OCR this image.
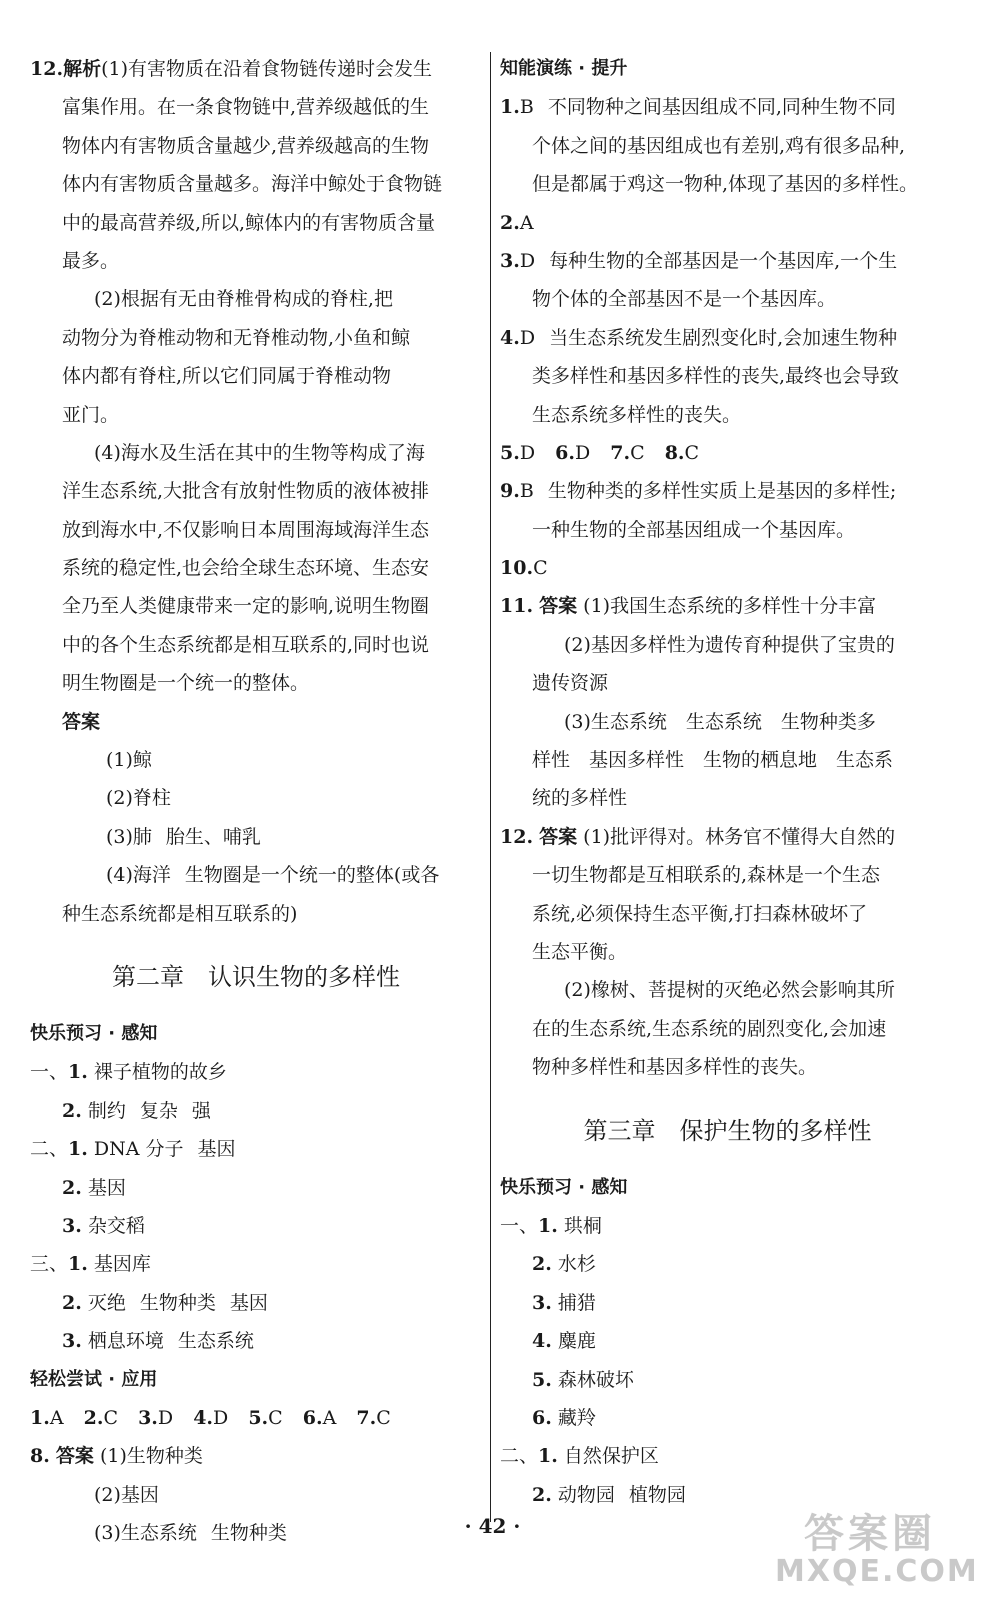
12.解析(1)有害物质在沿着食物链传递时会发生
富集作用。在一条食物链中,营养级越低的生
物体内有害物质含量越少,营养级越高的生物
体内有害物质含量越多。海洋中鲸处于食物链
中的最高营养级,所以,鲸体内的有害物质含量
最多。
(2)根据有无由脊椎骨构成的脊柱,把
动物分为脊椎动物和无脊椎动物,小鱼和鲸
体内都有脊柱,所以它们同属于脊椎动物
亚门。
(4)海水及生活在其中的生物等构成了海
洋生态系统,大批含有放射性物质的液体被排
放到海水中,不仅影响日本周围海域海洋生态
系统的稳定性,也会给全球生态环境、生态安
全乃至人类健康带来一定的影响,说明生物圈
中的各个生态系统都是相互联系的,同时也说
明生物圈是一个统一的整体。
答案
(1)鲸
(2)脊柱
(3)肺 胎生、哺乳
(4)海洋 生物圈是一个统一的整体(或各
种生态系统都是相互联系的)
第二章　认识生物的多样性
快乐预习 · 感知
一、1. 裸子植物的故乡
2. 制约 复杂 强
二、1. DNA 分子 基因
2. 基因
3. 杂交稻
三、1. 基因库
2. 灭绝 生物种类 基因
3. 栖息环境 生态系统
轻松尝试 · 应用
1.A 2.C 3.D 4.D 5.C 6.A 7.C
8. 答案 (1)生物种类
(2)基因
(3)生态系统 生物种类
知能演练 · 提升
1.B 不同物种之间基因组成不同,同种生物不同
个体之间的基因组成也有差别,鸡有很多品种,
但是都属于鸡这一物种,体现了基因的多样性。
2.A
3.D 每种生物的全部基因是一个基因库,一个生
物个体的全部基因不是一个基因库。
4.D 当生态系统发生剧烈变化时,会加速生物种
类多样性和基因多样性的丧失,最终也会导致
生态系统多样性的丧失。
5.D 6.D 7.C 8.C
9.B 生物种类的多样性实质上是基因的多样性;
一种生物的全部基因组成一个基因库。
10.C
11. 答案 (1)我国生态系统的多样性十分丰富
(2)基因多样性为遗传育种提供了宝贵的
遗传资源
(3)生态系统　生态系统　生物种类多
样性　基因多样性　生物的栖息地　生态系
统的多样性
12. 答案 (1)批评得对。林务官不懂得大自然的
一切生物都是互相联系的,森林是一个生态
系统,必须保持生态平衡,打扫森林破坏了
生态平衡。
(2)橡树、菩提树的灭绝必然会影响其所
在的生态系统,生态系统的剧烈变化,会加速
物种多样性和基因多样性的丧失。
第三章　保护生物的多样性
快乐预习 · 感知
一、1. 珙桐
2. 水杉
3. 捕猎
4. 麋鹿
5. 森林破坏
6. 藏羚
二、1. 自然保护区
2. 动物园 植物园
· 42 ·	答案圈
MXQE.COM
